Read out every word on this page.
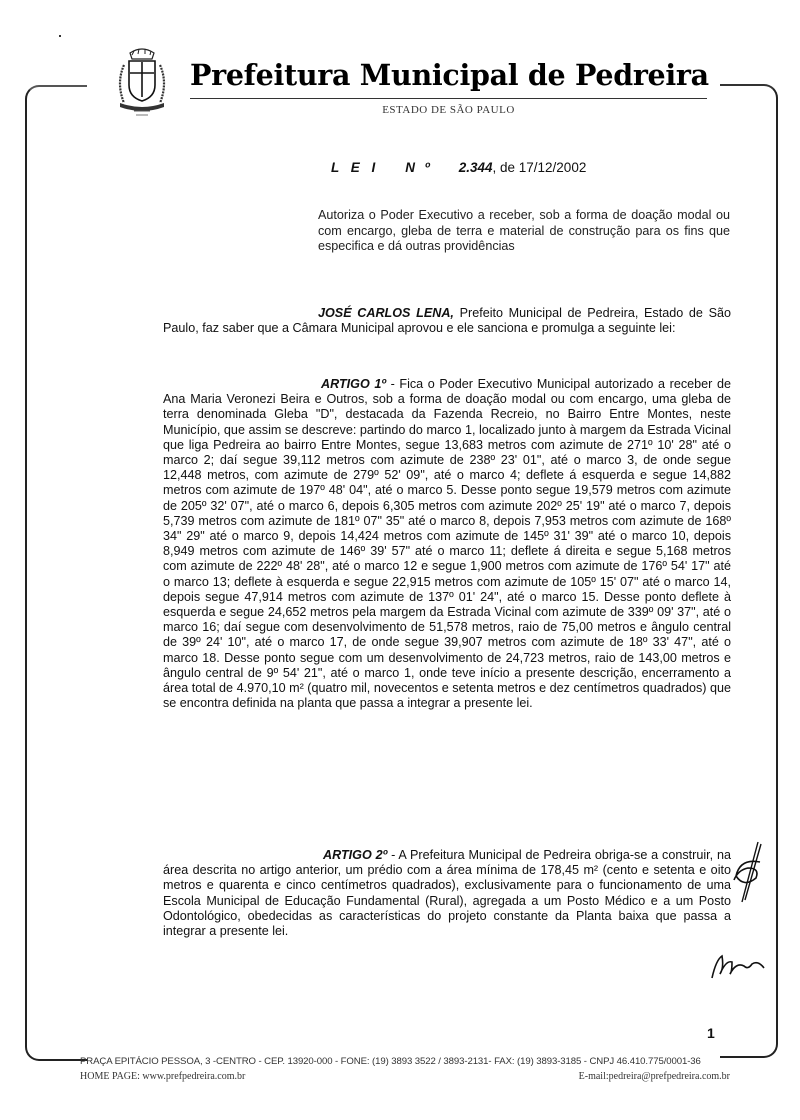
Prefeitura Municipal de Pedreira
ESTADO DE SÃO PAULO
L E I N º 2.344, de 17/12/2002
Autoriza o Poder Executivo a receber, sob a forma de doação modal ou com encargo, gleba de terra e material de construção para os fins que especifica e dá outras providências
JOSÉ CARLOS LENA, Prefeito Municipal de Pedreira, Estado de São Paulo, faz saber que a Câmara Municipal aprovou e ele sanciona e promulga a seguinte lei:
ARTIGO 1º - Fica o Poder Executivo Municipal autorizado a receber de Ana Maria Veronezi Beira e Outros, sob a forma de doação modal ou com encargo, uma gleba de terra denominada Gleba "D", destacada da Fazenda Recreio, no Bairro Entre Montes, neste Município, que assim se descreve: partindo do marco 1, localizado junto à margem da Estrada Vicinal que liga Pedreira ao bairro Entre Montes, segue 13,683 metros com azimute de 271º 10' 28" até o marco 2; daí segue 39,112 metros com azimute de 238º 23' 01", até o marco 3, de onde segue 12,448 metros, com azimute de 279º 52' 09", até o marco 4; deflete á esquerda e segue 14,882 metros com azimute de 197º 48' 04", até o marco 5. Desse ponto segue 19,579 metros com azimute de 205º 32' 07", até o marco 6, depois 6,305 metros com azimute 202º 25' 19" até o marco 7, depois 5,739 metros com azimute de 181º 07" 35" até o marco 8, depois 7,953 metros com azimute de 168º 34" 29" até o marco 9, depois 14,424 metros com azimute de 145º 31' 39" até o marco 10, depois 8,949 metros com azimute de 146º 39' 57" até o marco 11; deflete á direita e segue 5,168 metros com azimute de 222º 48' 28", até o marco 12 e segue 1,900 metros com azimute de 176º 54' 17" até o marco 13; deflete à esquerda e segue 22,915 metros com azimute de 105º 15' 07" até o marco 14, depois segue 47,914 metros com azimute de 137º 01' 24", até o marco 15. Desse ponto deflete à esquerda e segue 24,652 metros pela margem da Estrada Vicinal com azimute de 339º 09' 37", até o marco 16; daí segue com desenvolvimento de 51,578 metros, raio de 75,00 metros e ângulo central de 39º 24' 10", até o marco 17, de onde segue 39,907 metros com azimute de 18º 33' 47", até o marco 18. Desse ponto segue com um desenvolvimento de 24,723 metros, raio de 143,00 metros e ângulo central de 9º 54' 21", até o marco 1, onde teve início a presente descrição, encerramento a área total de 4.970,10 m² (quatro mil, novecentos e setenta metros e dez centímetros quadrados) que se encontra definida na planta que passa a integrar a presente lei.
ARTIGO 2º - A Prefeitura Municipal de Pedreira obriga-se a construir, na área descrita no artigo anterior, um prédio com a área mínima de 178,45 m² (cento e setenta e oito metros e quarenta e cinco centímetros quadrados), exclusivamente para o funcionamento de uma Escola Municipal de Educação Fundamental (Rural), agregada a um Posto Médico e a um Posto Odontológico, obedecidas as características do projeto constante da Planta baixa que passa a integrar a presente lei.
1
PRAÇA EPITÁCIO PESSOA, 3 -CENTRO - CEP. 13920-000 - FONE: (19) 3893 3522 / 3893-2131- FAX: (19) 3893-3185 - CNPJ 46.410.775/0001-36
HOME PAGE: www.prefpedreira.com.br	E-mail:pedreira@prefpedreira.com.br
